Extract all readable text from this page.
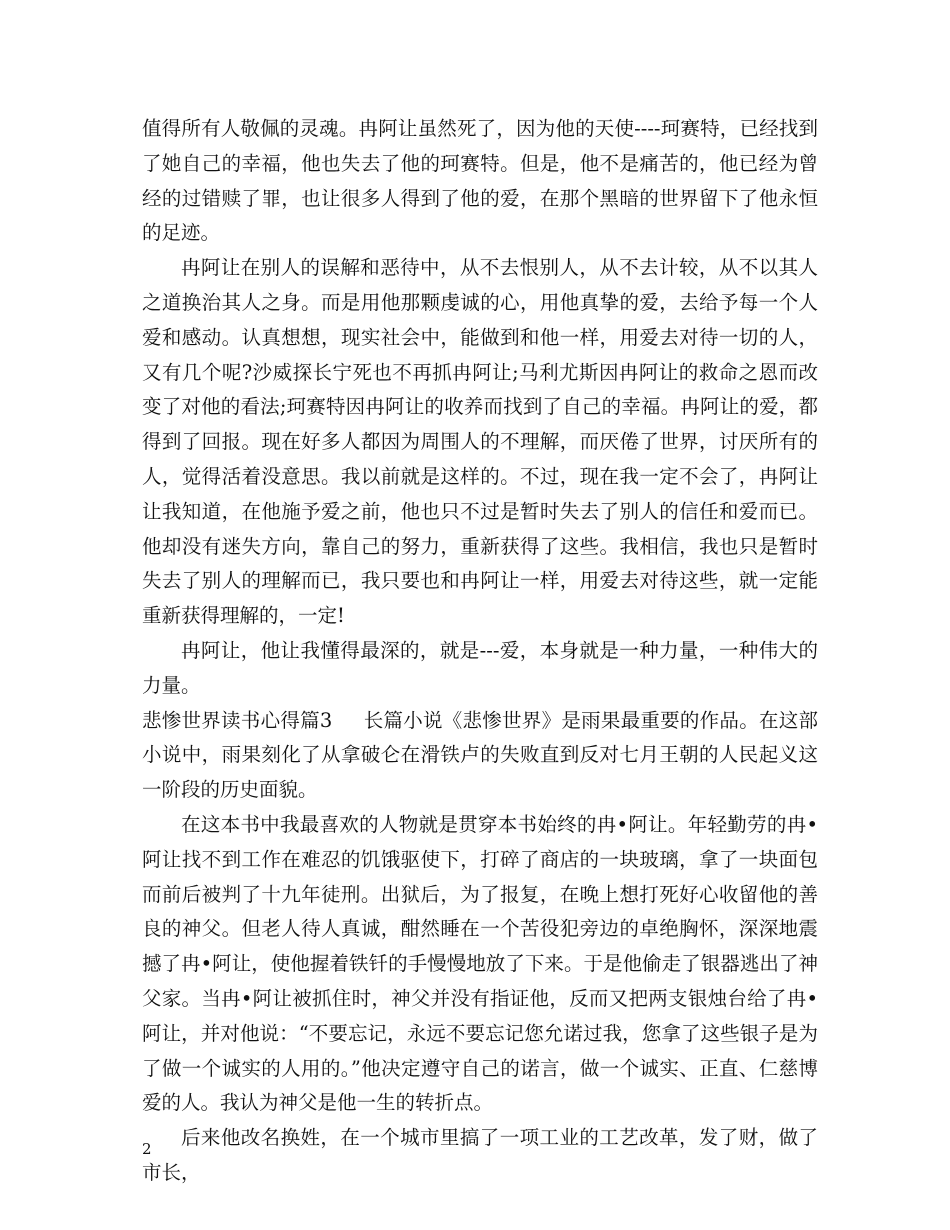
值得所有人敬佩的灵魂。冉阿让虽然死了，因为他的天使----珂赛特，已经找到了她自己的幸福，他也失去了他的珂赛特。但是，他不是痛苦的，他已经为曾经的过错赎了罪，也让很多人得到了他的爱，在那个黑暗的世界留下了他永恒的足迹。

冉阿让在别人的误解和恶待中，从不去恨别人，从不去计较，从不以其人之道换治其人之身。而是用他那颗虔诚的心，用他真挚的爱，去给予每一个人爱和感动。认真想想，现实社会中，能做到和他一样，用爱去对待一切的人，又有几个呢?沙威探长宁死也不再抓冉阿让;马利尤斯因冉阿让的救命之恩而改变了对他的看法;珂赛特因冉阿让的收养而找到了自己的幸福。冉阿让的爱，都得到了回报。现在好多人都因为周围人的不理解，而厌倦了世界，讨厌所有的人，觉得活着没意思。我以前就是这样的。不过，现在我一定不会了，冉阿让让我知道，在他施予爱之前，他也只不过是暂时失去了别人的信任和爱而已。他却没有迷失方向，靠自己的努力，重新获得了这些。我相信，我也只是暂时失去了别人的理解而已，我只要也和冉阿让一样，用爱去对待这些，就一定能重新获得理解的，一定!

冉阿让，他让我懂得最深的，就是---爱，本身就是一种力量，一种伟大的力量。

悲惨世界读书心得篇3 长篇小说《悲惨世界》是雨果最重要的作品。在这部小说中，雨果刻化了从拿破仑在滑铁卢的失败直到反对七月王朝的人民起义这一阶段的历史面貌。

在这本书中我最喜欢的人物就是贯穿本书始终的冉•阿让。年轻勤劳的冉•阿让找不到工作在难忍的饥饿驱使下，打碎了商店的一块玻璃，拿了一块面包而前后被判了十九年徒刑。出狱后，为了报复，在晚上想打死好心收留他的善良的神父。但老人待人真诚，酣然睡在一个苦役犯旁边的卓绝胸怀，深深地震撼了冉•阿让，使他握着铁钎的手慢慢地放了下来。于是他偷走了银器逃出了神父家。当冉•阿让被抓住时，神父并没有指证他，反而又把两支银烛台给了冉•阿让，并对他说：“不要忘记，永远不要忘记您允诺过我，您拿了这些银子是为了做一个诚实的人用的。”他决定遵守自己的诺言，做一个诚实、正直、仁慈博爱的人。我认为神父是他一生的转折点。

后来他改名换姓，在一个城市里搞了一项工业的工艺改革，发了财，做了市长，

2
